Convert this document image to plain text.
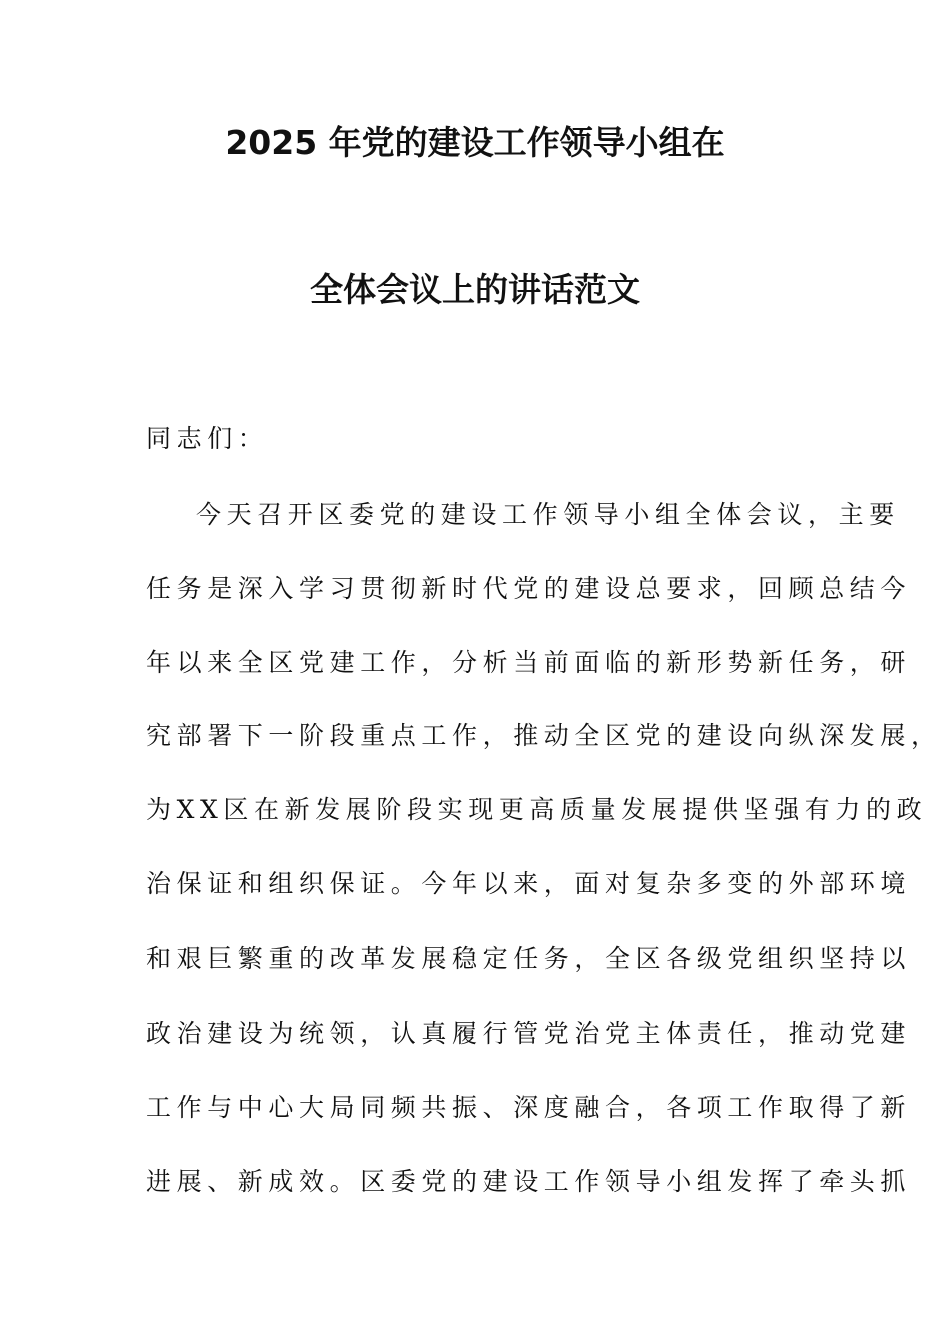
2025 年党的建设工作领导小组在
全体会议上的讲话范文
同志们：
今天召开区委党的建设工作领导小组全体会议，主要
任务是深入学习贯彻新时代党的建设总要求，回顾总结今
年以来全区党建工作，分析当前面临的新形势新任务，研
究部署下一阶段重点工作，推动全区党的建设向纵深发展，
为XX区在新发展阶段实现更高质量发展提供坚强有力的政
治保证和组织保证。今年以来，面对复杂多变的外部环境
和艰巨繁重的改革发展稳定任务，全区各级党组织坚持以
政治建设为统领，认真履行管党治党主体责任，推动党建
工作与中心大局同频共振、深度融合，各项工作取得了新
进展、新成效。区委党的建设工作领导小组发挥了牵头抓
